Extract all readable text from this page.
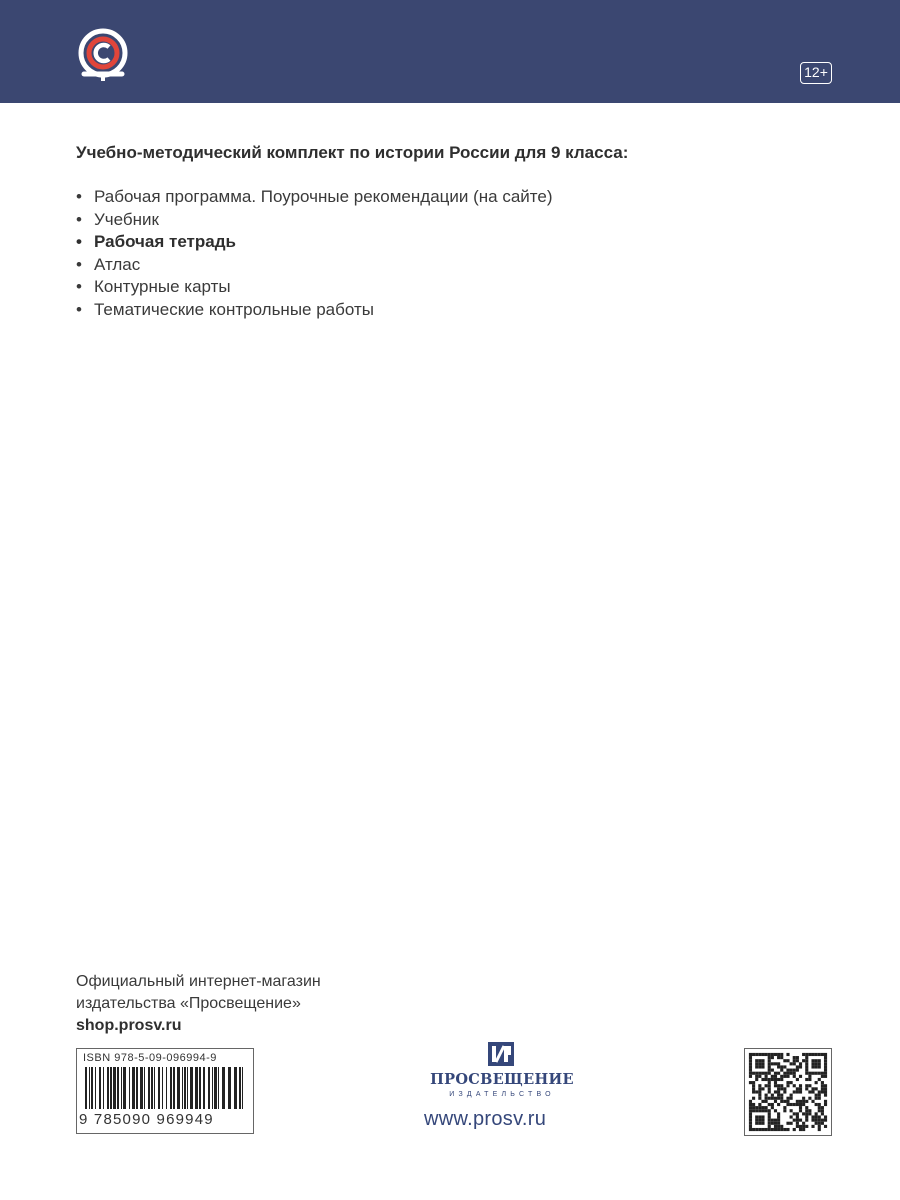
12+
Учебно-методический комплект по истории России для 9 класса:
• Рабочая программа. Поурочные рекомендации (на сайте)
• Учебник
• Рабочая тетрадь
• Атлас
• Контурные карты
• Тематические контрольные работы
Официальный интернет-магазин
издательства «Просвещение»
shop.prosv.ru
ISBN 978-5-09-096994-9
9 785090 969949
ПРОСВЕЩЕНИЕ
ИЗДАТЕЛЬСТВО
www.prosv.ru
